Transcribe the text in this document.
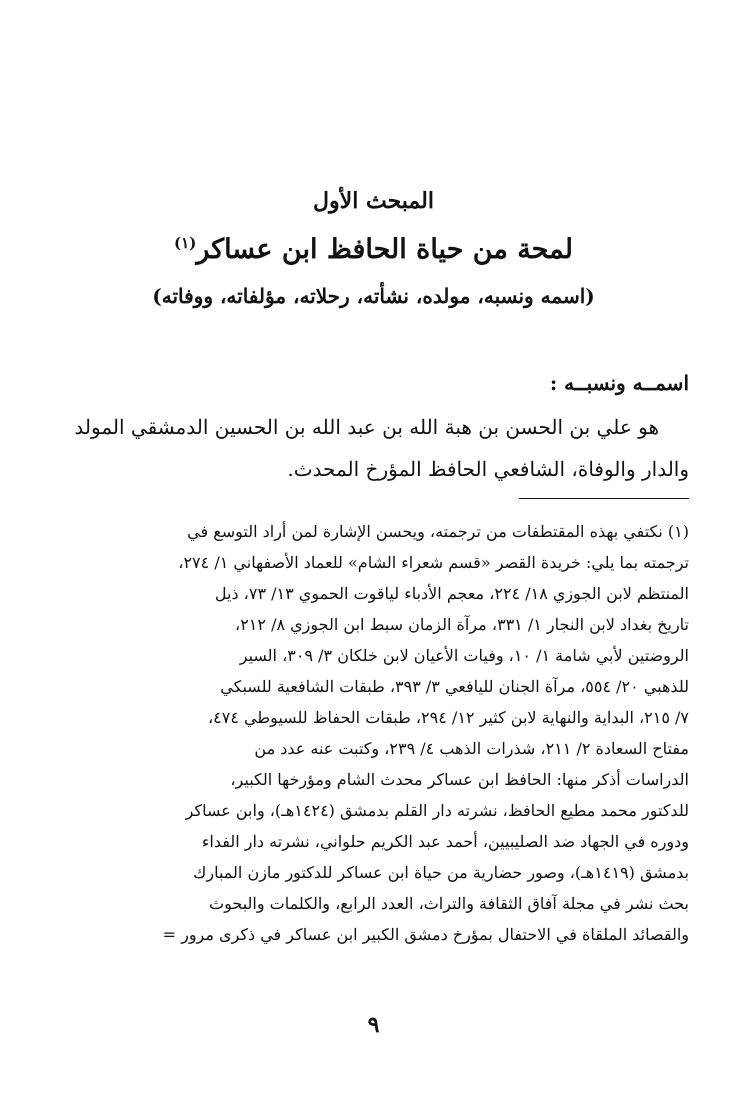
المبحث الأول
لمحة من حياة الحافظ ابن عساكر$^{(١)}$
(اسمه ونسبه، مولده، نشأته، رحلاته، مؤلفاته، ووفاته)
اسمــه ونسبــه :
هو علي بن الحسن بن هبة الله بن عبد الله بن الحسين الدمشقي المولد
والدار والوفاة، الشافعي الحافظ المؤرخ المحدث.
(١) نكتفي بهذه المقتطفات من ترجمته، ويحسن الإشارة لمن أراد التوسع في
ترجمته بما يلي: خريدة القصر «قسم شعراء الشام» للعماد الأصفهاني ١/ ٢٧٤،
المنتظم لابن الجوزي ١٨/ ٢٢٤، معجم الأدباء لياقوت الحموي ١٣/ ٧٣، ذيل
تاريخ بغداد لابن النجار ١/ ٣٣١، مرآة الزمان سبط ابن الجوزي ٨/ ٢١٢،
الروضتين لأبي شامة ١/ ١٠، وفيات الأعيان لابن خلكان ٣/ ٣٠٩، السير
للذهبي ٢٠/ ٥٥٤، مرآة الجنان لليافعي ٣/ ٣٩٣، طبقات الشافعية للسبكي
٧/ ٢١٥، البداية والنهاية لابن كثير ١٢/ ٢٩٤، طبقات الحفاظ للسيوطي ٤٧٤،
مفتاح السعادة ٢/ ٢١١، شذرات الذهب ٤/ ٢٣٩، وكتبت عنه عدد من
الدراسات أذكر منها: الحافظ ابن عساكر محدث الشام ومؤرخها الكبير،
للدكتور محمد مطيع الحافظ، نشرته دار القلم بدمشق (١٤٢٤هـ)، وابن عساكر
ودوره في الجهاد ضد الصليبيين، أحمد عبد الكريم حلواني، نشرته دار الفداء
بدمشق (١٤١٩هـ)، وصور حضارية من حياة ابن عساكر للدكتور مازن المبارك
بحث نشر في مجلة آفاق الثقافة والتراث، العدد الرابع، والكلمات والبحوث
والقصائد الملقاة في الاحتفال بمؤرخ دمشق الكبير ابن عساكر في ذكرى مرور =
٩
